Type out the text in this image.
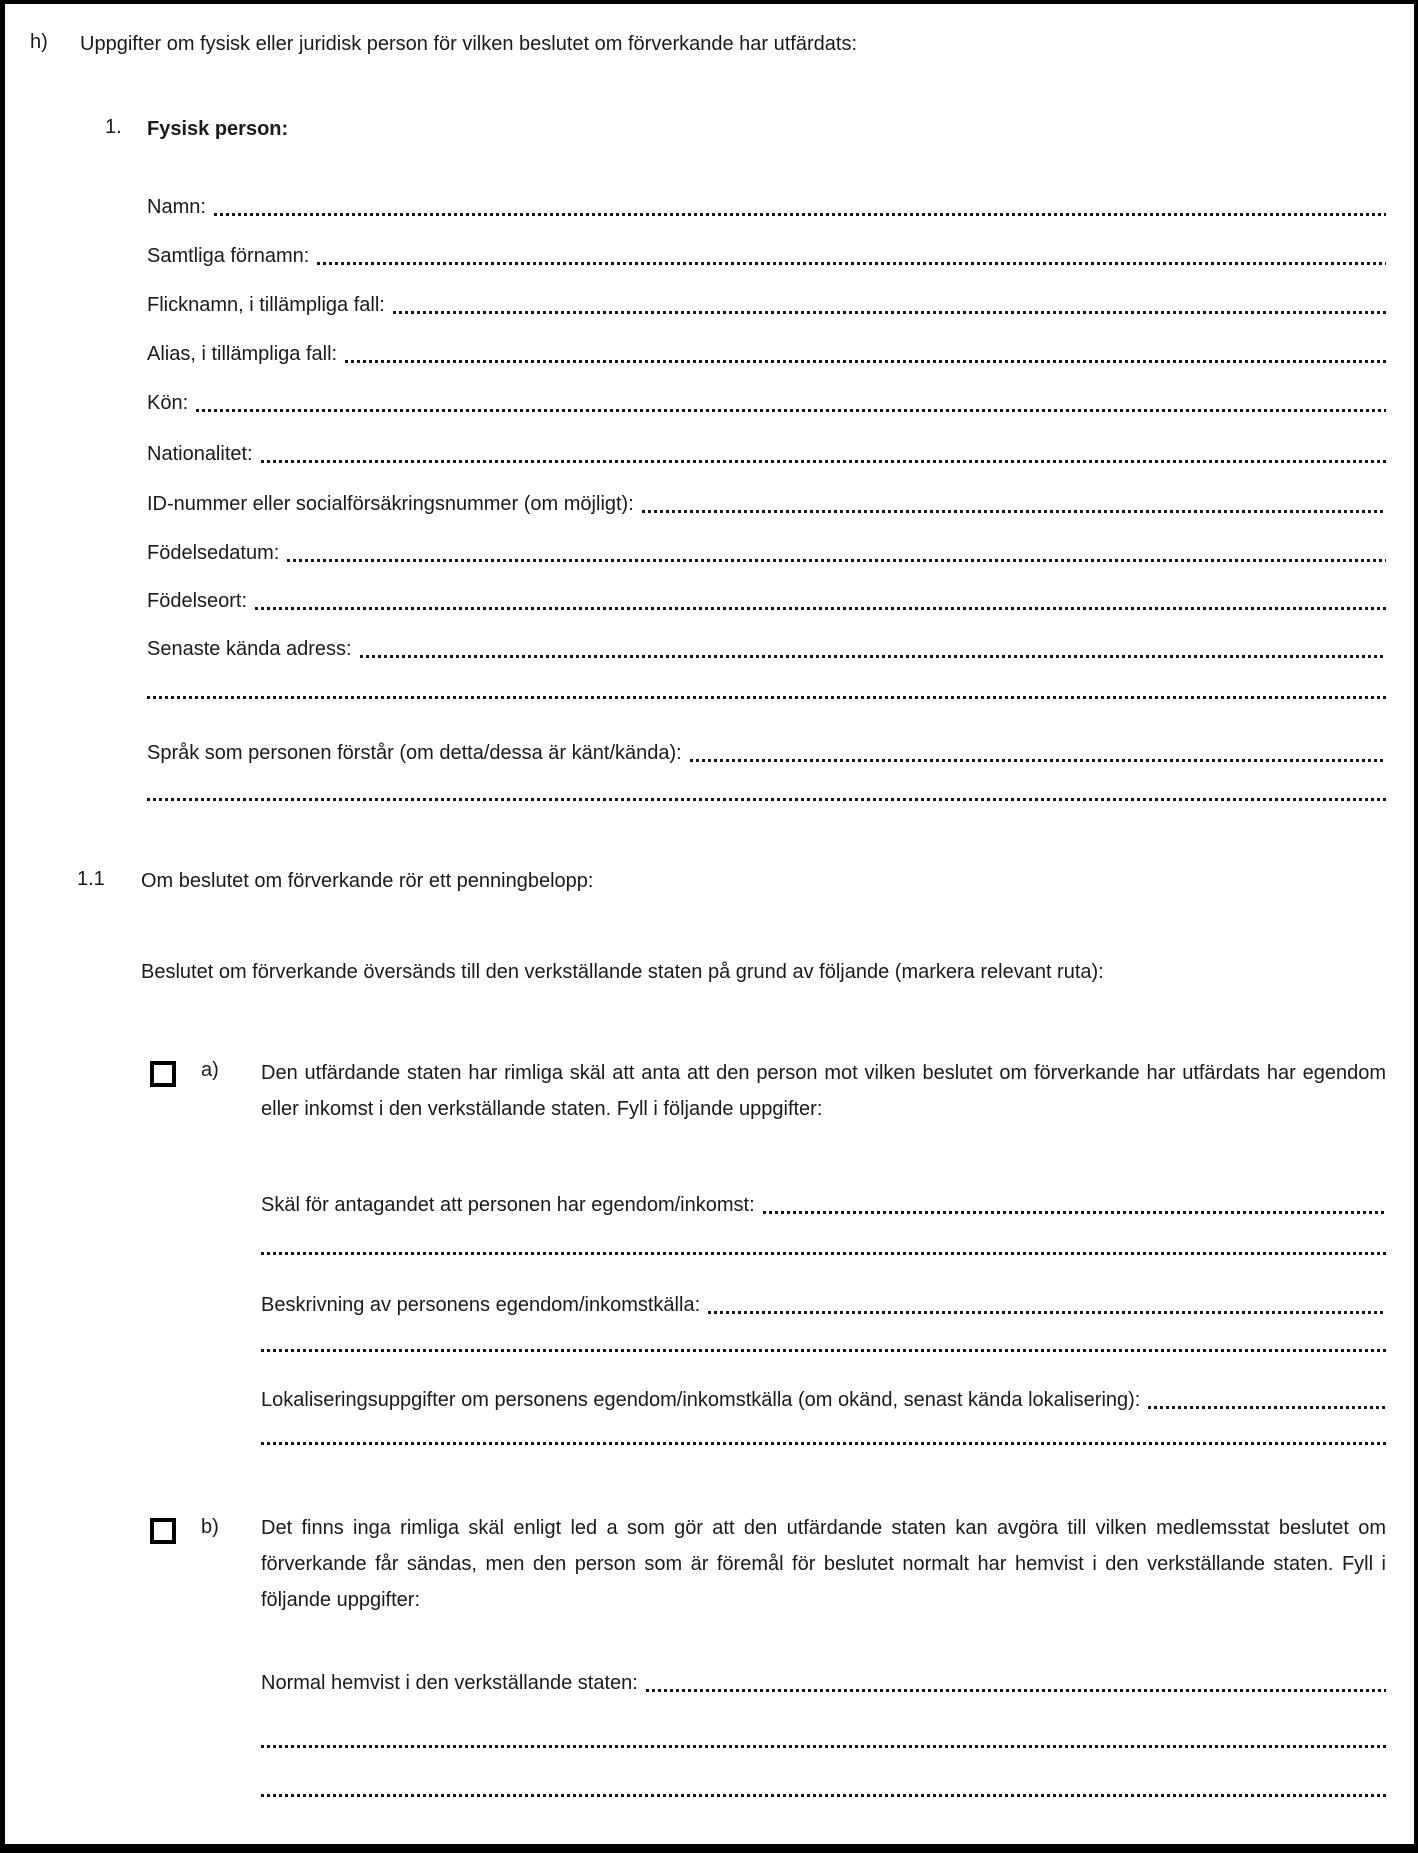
h) Uppgifter om fysisk eller juridisk person för vilken beslutet om förverkande har utfärdats:
1. Fysisk person:
Namn:
Samtliga förnamn:
Flicknamn, i tillämpliga fall:
Alias, i tillämpliga fall:
Kön:
Nationalitet:
ID-nummer eller socialförsäkringsnummer (om möjligt):
Födelsedatum:
Födelseort:
Senaste kända adress:
Språk som personen förstår (om detta/dessa är känt/kända):
1.1 Om beslutet om förverkande rör ett penningbelopp:
Beslutet om förverkande översänds till den verkställande staten på grund av följande (markera relevant ruta):
a) Den utfärdande staten har rimliga skäl att anta att den person mot vilken beslutet om förverkande har utfärdats har egendom eller inkomst i den verkställande staten. Fyll i följande uppgifter:
Skäl för antagandet att personen har egendom/inkomst:
Beskrivning av personens egendom/inkomstkälla:
Lokaliseringsuppgifter om personens egendom/inkomstkälla (om okänd, senast kända lokalisering):
b) Det finns inga rimliga skäl enligt led a som gör att den utfärdande staten kan avgöra till vilken medlemsstat beslutet om förverkande får sändas, men den person som är föremål för beslutet normalt har hemvist i den verkställande staten. Fyll i följande uppgifter:
Normal hemvist i den verkställande staten:
